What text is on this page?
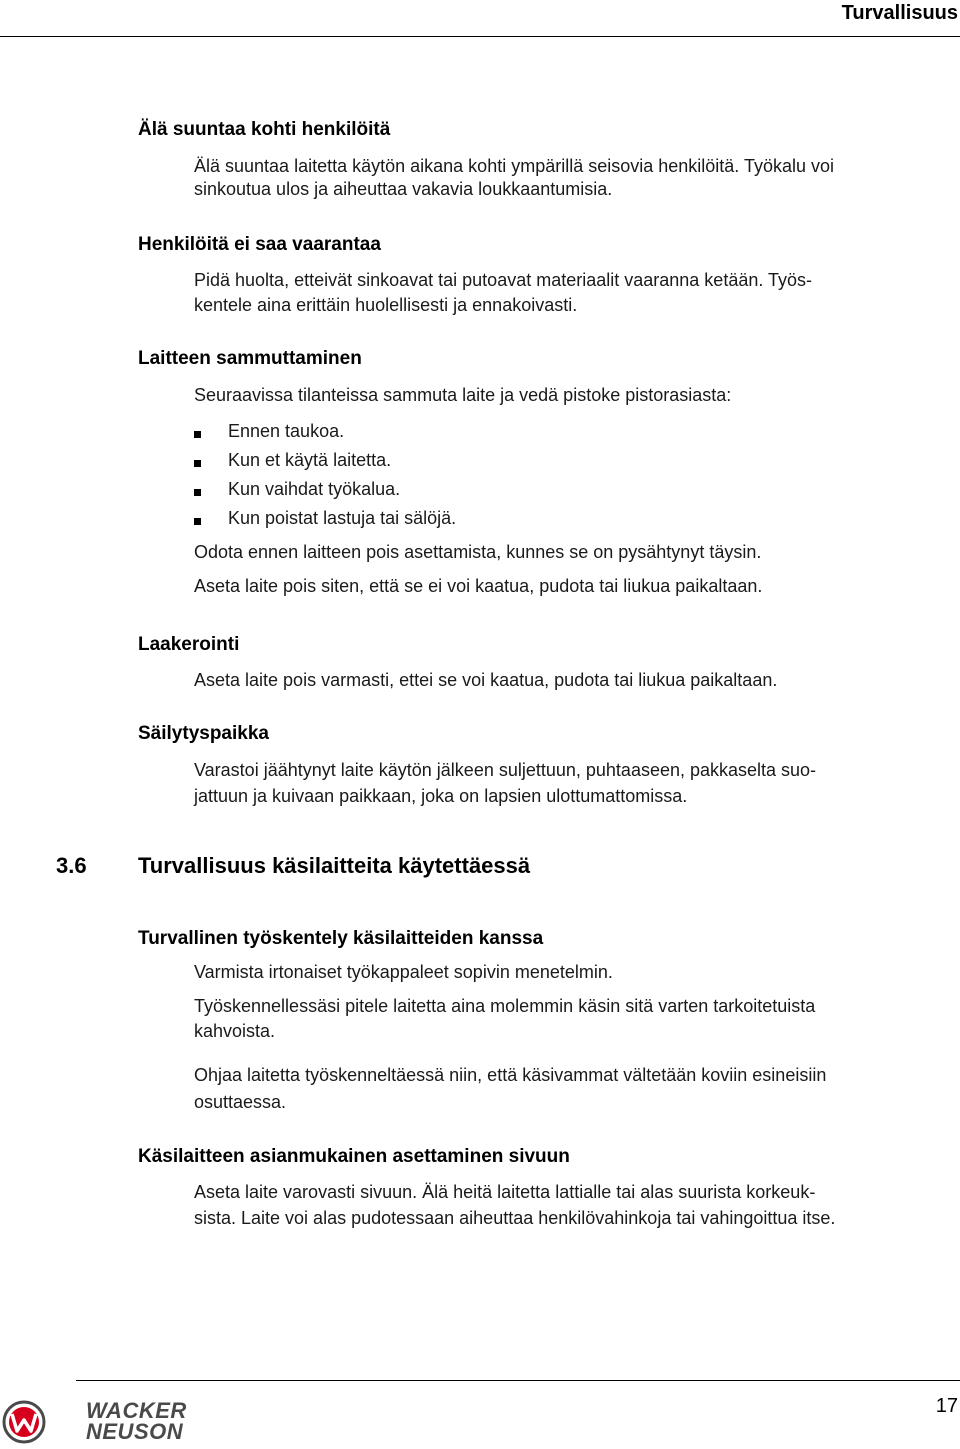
Turvallisuus
Älä suuntaa kohti henkilöitä
Älä suuntaa laitetta käytön aikana kohti ympärillä seisovia henkilöitä. Työkalu voi
sinkoutua ulos ja aiheuttaa vakavia loukkaantumisia.
Henkilöitä ei saa vaarantaa
Pidä huolta, etteivät sinkoavat tai putoavat materiaalit vaaranna ketään. Työs-
kentele aina erittäin huolellisesti ja ennakoivasti.
Laitteen sammuttaminen
Seuraavissa tilanteissa sammuta laite ja vedä pistoke pistorasiasta:
Ennen taukoa.
Kun et käytä laitetta.
Kun vaihdat työkalua.
Kun poistat lastuja tai sälöjä.
Odota ennen laitteen pois asettamista, kunnes se on pysähtynyt täysin.
Aseta laite pois siten, että se ei voi kaatua, pudota tai liukua paikaltaan.
Laakerointi
Aseta laite pois varmasti, ettei se voi kaatua, pudota tai liukua paikaltaan.
Säilytyspaikka
Varastoi jäähtynyt laite käytön jälkeen suljettuun, puhtaaseen, pakkaselta suo-
jattuun ja kuivaan paikkaan, joka on lapsien ulottumattomissa.
3.6 Turvallisuus käsilaitteita käytettäessä
Turvallinen työskentely käsilaitteiden kanssa
Varmista irtonaiset työkappaleet sopivin menetelmin.
Työskennellessäsi pitele laitetta aina molemmin käsin sitä varten tarkoitetuista
kahvoista.
Ohjaa laitetta työskenneltäessä niin, että käsivammat vältetään koviin esineisiin
osuttaessa.
Käsilaitteen asianmukainen asettaminen sivuun
Aseta laite varovasti sivuun. Älä heitä laitetta lattialle tai alas suurista korkeuk-
sista. Laite voi alas pudotessaan aiheuttaa henkilövahinkoja tai vahingoittua itse.
WACKER
NEUSON
17
